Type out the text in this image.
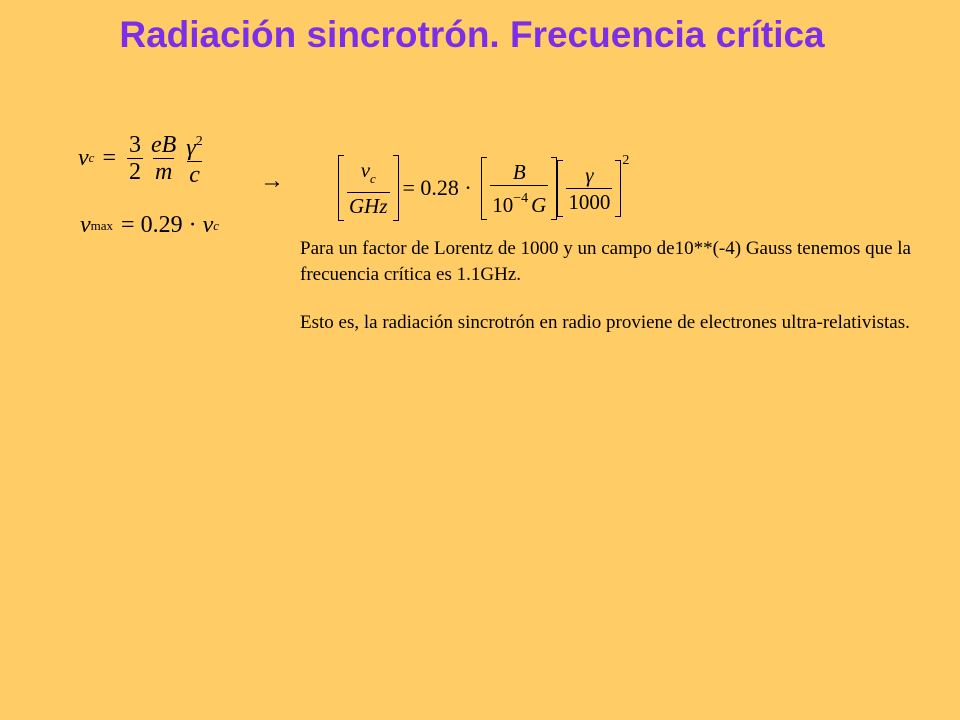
Radiación sincrotrón. Frecuencia crítica
ν $c = \frac{3}{2} \frac{eB}{m} \frac{\gamma^2}{c}$
ν max = 0.29 · ν c
→	$\frac{\nu_c}{\text{GHz}} = 0.28 \cdot \frac{B}{10^{-4} G} \frac{\gamma}{1000}$
2

Para un factor de Lorentz de 1000 y un campo de10**(-4) Gauss tenemos que la frecuencia crítica es 1.1GHz.

Esto es, la radiación sincrotrón en radio proviene de electrones ultra-relativistas.
